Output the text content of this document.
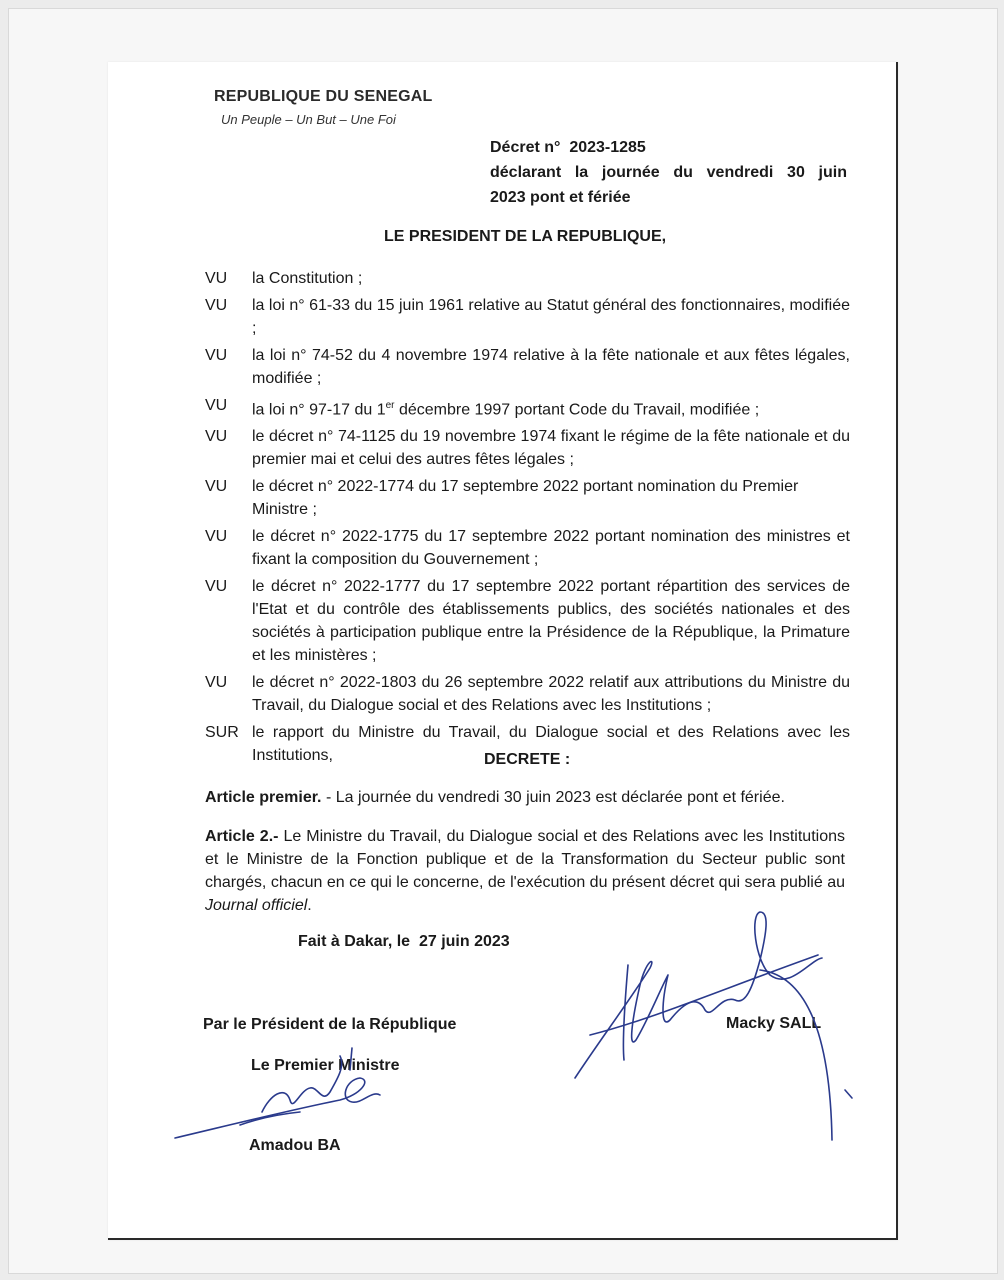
REPUBLIQUE DU SENEGAL
Un Peuple – Un But – Une Foi
Décret n° 2023-1285

déclarant la journée du vendredi 30 juin
2023 pont et fériée
LE PRESIDENT DE LA REPUBLIQUE,
VU	la Constitution ;
VU	la loi n° 61-33 du 15 juin 1961 relative au Statut général des fonctionnaires, modifiée ;
VU	la loi n° 74-52 du 4 novembre 1974 relative à la fête nationale et aux fêtes légales, modifiée ;
VU	la loi n° 97-17 du 1er décembre 1997 portant Code du Travail, modifiée ;
VU	le décret n° 74-1125 du 19 novembre 1974 fixant le régime de la fête nationale et du premier mai et celui des autres fêtes légales ;
VU	le décret n° 2022-1774 du 17 septembre 2022 portant nomination du Premier Ministre ;
VU	le décret n° 2022-1775 du 17 septembre 2022 portant nomination des ministres et fixant la composition du Gouvernement ;
VU	le décret n° 2022-1777 du 17 septembre 2022 portant répartition des services de l'Etat et du contrôle des établissements publics, des sociétés nationales et des sociétés à participation publique entre la Présidence de la République, la Primature et les ministères ;
VU	le décret n° 2022-1803 du 26 septembre 2022 relatif aux attributions du Ministre du Travail, du Dialogue social et des Relations avec les Institutions ;
SUR le rapport du Ministre du Travail, du Dialogue social et des Relations avec les Institutions,	DECRETE :
Article premier. - La journée du vendredi 30 juin 2023 est déclarée pont et fériée.
Article 2.- Le Ministre du Travail, du Dialogue social et des Relations avec les Institutions et le Ministre de la Fonction publique et de la Transformation du Secteur public sont chargés, chacun en ce qui le concerne, de l'exécution du présent décret qui sera publié au Journal officiel.
Fait à Dakar, le 27 juin 2023
Par le Président de la République	Macky SALL
Le Premier Ministre
Amadou BA
